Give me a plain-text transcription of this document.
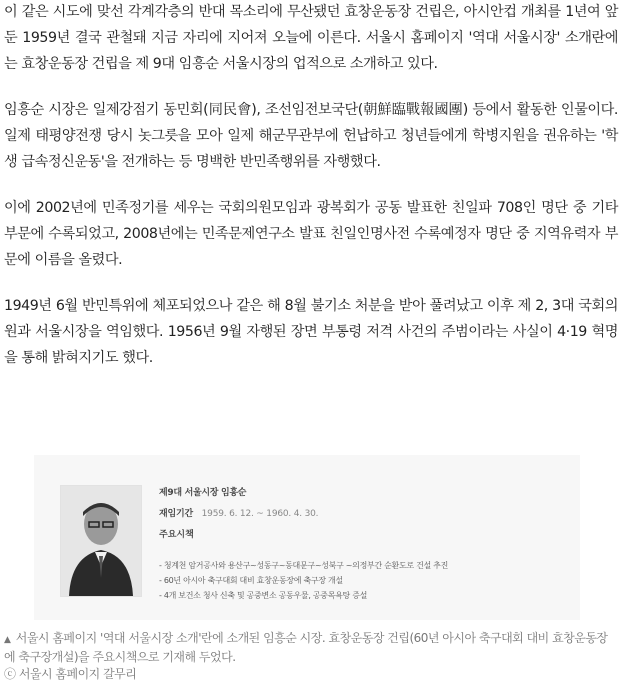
이 같은 시도에 맞선 각계각층의 반대 목소리에 무산됐던 효창운동장 건립은, 아시안컵 개최를 1년여 앞둔 1959년 결국 관철돼 지금 자리에 지어져 오늘에 이른다. 서울시 홈페이지 '역대 서울시장' 소개란에는 효창운동장 건립을 제 9대 임흥순 서울시장의 업적으로 소개하고 있다.

임흥순 시장은 일제강점기 동민회(同民會), 조선임전보국단(朝鮮臨戰報國團) 등에서 활동한 인물이다. 일제 태평양전쟁 당시 놋그릇을 모아 일제 해군무관부에 헌납하고 청년들에게 학병지원을 권유하는 '학생 급속정신운동'을 전개하는 등 명백한 반민족행위를 자행했다.

이에 2002년에 민족정기를 세우는 국회의원모임과 광복회가 공동 발표한 친일파 708인 명단 중 기타 부문에 수록되었고, 2008년에는 민족문제연구소 발표 친일인명사전 수록예정자 명단 중 지역유력자 부문에 이름을 올렸다.

1949년 6월 반민특위에 체포되었으나 같은 해 8월 불기소 처분을 받아 풀려났고 이후 제 2, 3대 국회의원과 서울시장을 역임했다. 1956년 9월 자행된 장면 부통령 저격 사건의 주범이라는 사실이 4·19 혁명을 통해 밝혀지기도 했다.

제9대 서울시장 임흥순

재임기간 1959. 6. 12. ~ 1960. 4. 30.

주요시책

- 청계천 암거공사와 용산구~성동구~동대문구~성북구 ~의정부간 순환도로 건설 추진
- 60년 아시아 축구대회 대비 효창운동장에 축구장 개설
- 4개 보건소 청사 신축 및 공중변소 공동우물, 공중목욕탕 증설
▲ 서울시 홈페이지 '역대 서울시장 소개'란에 소개된 임흥순 시장. 효창운동장 건립(60년 아시아 축구대회 대비 효창운동장에 축구장개설)을 주요시책으로 기재해 두었다.
ⓒ 서울시 홈페이지 갈무리
